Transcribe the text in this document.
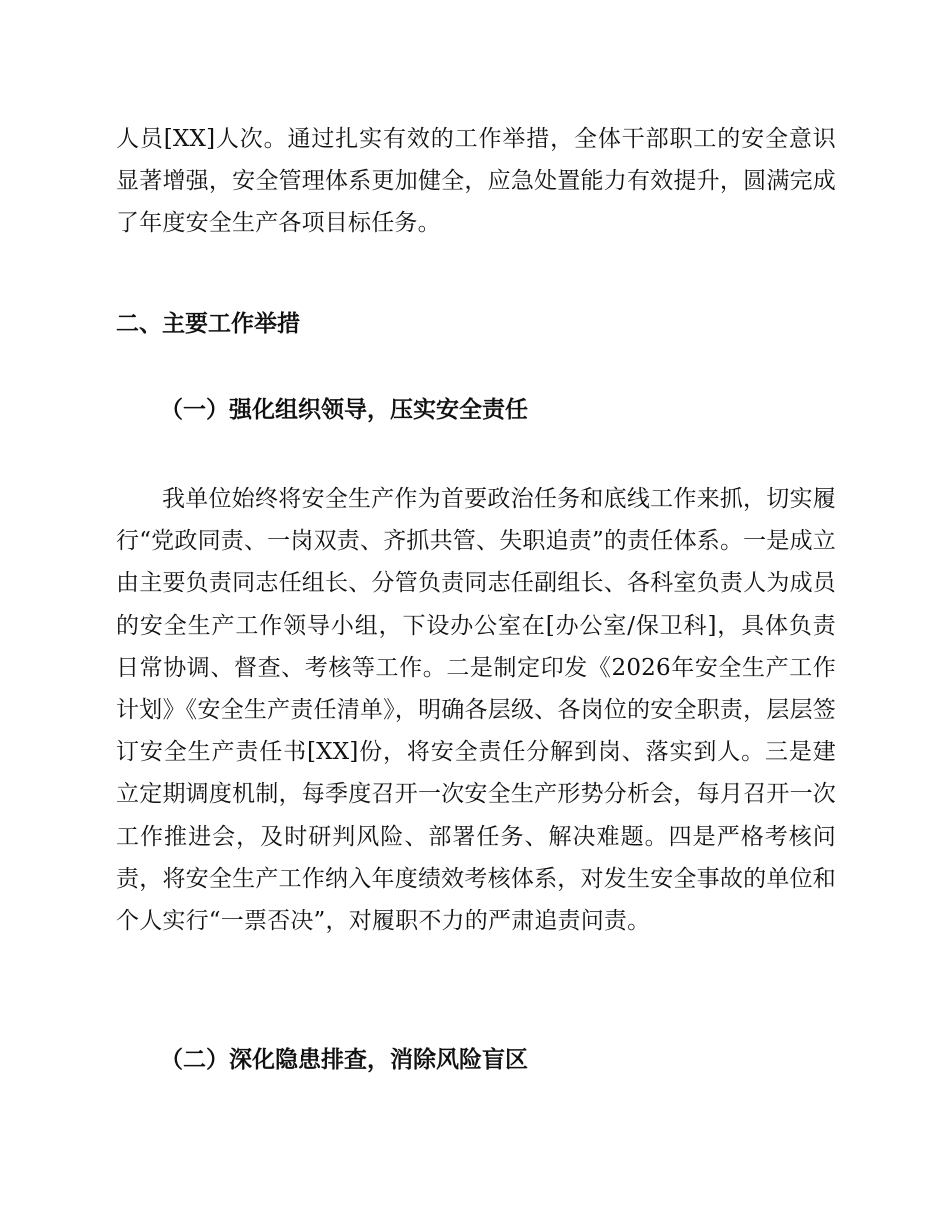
人员[XX]人次。通过扎实有效的工作举措，全体干部职工的安全意识显著增强，安全管理体系更加健全，应急处置能力有效提升，圆满完成了年度安全生产各项目标任务。

二、主要工作举措
（一）强化组织领导，压实安全责任

我单位始终将安全生产作为首要政治任务和底线工作来抓，切实履行“党政同责、一岗双责、齐抓共管、失职追责”的责任体系。一是成立由主要负责同志任组长、分管负责同志任副组长、各科室负责人为成员的安全生产工作领导小组，下设办公室在[办公室/保卫科]，具体负责日常协调、督查、考核等工作。二是制定印发《2026年安全生产工作计划》《安全生产责任清单》，明确各层级、各岗位的安全职责，层层签订安全生产责任书[XX]份，将安全责任分解到岗、落实到人。三是建立定期调度机制，每季度召开一次安全生产形势分析会，每月召开一次工作推进会，及时研判风险、部署任务、解决难题。四是严格考核问责，将安全生产工作纳入年度绩效考核体系，对发生安全事故的单位和个人实行“一票否决”，对履职不力的严肃追责问责。

（二）深化隐患排查，消除风险盲区
